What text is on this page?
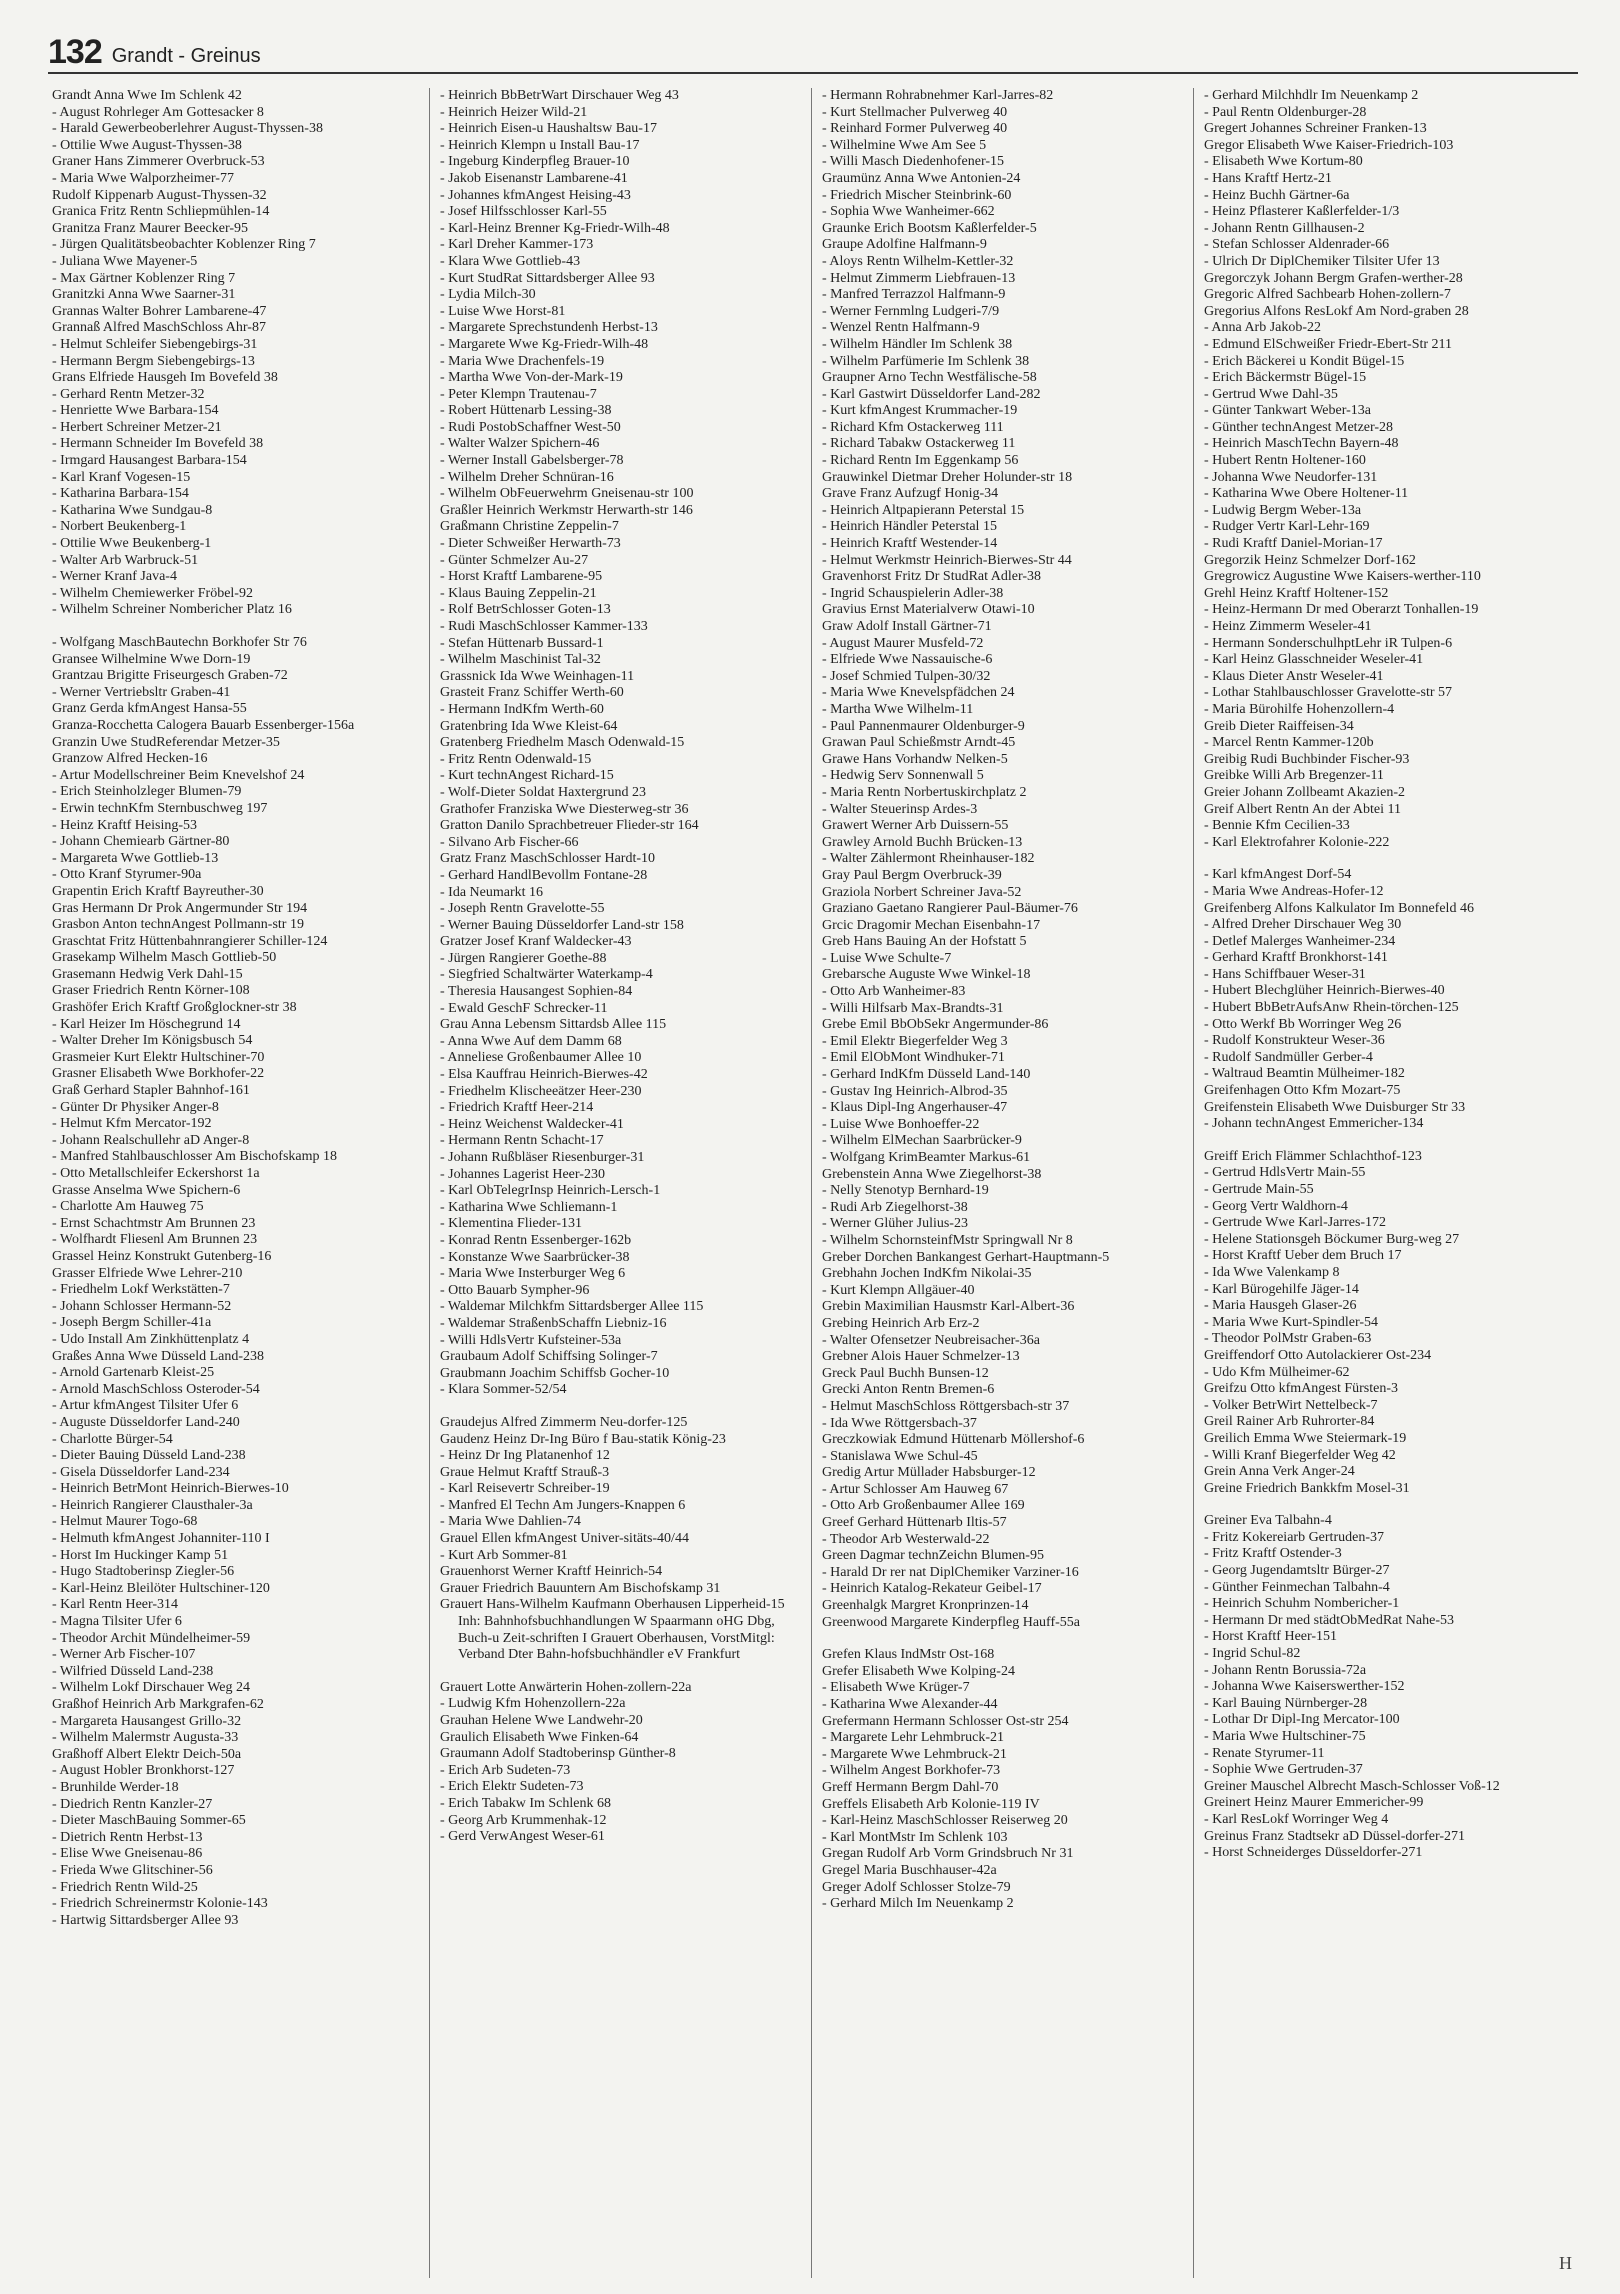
132 Grandt - Greinus
Grandt Anna Wwe Im Schlenk 42
- August Rohrleger Am Gottesacker 8
- Harald Gewerbeoberlehrer August-Thyssen-38
- Ottilie Wwe August-Thyssen-38
Graner Hans Zimmerer Overbruck-53
- Maria Wwe Walporzheimer-77
Rudolf Kippenarb August-Thyssen-32
Granica Fritz Rentn Schliepmühlen-14
Granitza Franz Maurer Beecker-95
- Jürgen Qualitätsbeobachter Koblenzer Ring 7
- Juliana Wwe Mayener-5
- Max Gärtner Koblenzer Ring 7
Granitzki Anna Wwe Saarner-31
Grannas Walter Bohrer Lambarene-47
Grannaß Alfred MaschSchloss Ahr-87
- Helmut Schleifer Siebengebirgs-31
- Hermann Bergm Siebengebirgs-13
Grans Elfriede Hausgeh Im Bovefeld 38
- Gerhard Rentn Metzer-32
- Henriette Wwe Barbara-154
- Herbert Schreiner Metzer-21
- Hermann Schneider Im Bovefeld 38
- Irmgard Hausangest Barbara-154
- Karl Kranf Vogesen-15
- Katharina Barbara-154
- Katharina Wwe Sundgau-8
- Norbert Beukenberg-1
- Ottilie Wwe Beukenberg-1
- Walter Arb Warbruck-51
- Werner Kranf Java-4
- Wilhelm Chemiewerker Fröbel-92
- Wilhelm Schreiner Nombericher Platz 16
- Wolfgang MaschBautechn Borkhofer Str 76
Gransee Wilhelmine Wwe Dorn-19
Grantzau Brigitte Friseurgesch Graben-72
- Werner Vertriebsltr Graben-41
Granz Gerda kfmAngest Hansa-55
Granza-Rocchetta Calogera Bauarb Essenberger-156a
Granzin Uwe StudReferendar Metzer-35
Granzow Alfred Hecken-16
- Artur Modellschreiner Beim Knevelshof 24
- Erich Steinholzleger Blumen-79
- Erwin technKfm Sternbuschweg 197
- Heinz Kraftf Heising-53
- Johann Chemiearb Gärtner-80
- Margareta Wwe Gottlieb-13
- Otto Kranf Styrumer-90a
Grapentin Erich Kraftf Bayreuther-30
Gras Hermann Dr Prok Angermunder Str 194
Grasbon Anton technAngest Pollmann-str 19
Graschtat Fritz Hüttenbahnrangierer Schiller-124
Grasekamp Wilhelm Masch Gottlieb-50
Grasemann Hedwig Verk Dahl-15
Graser Friedrich Rentn Körner-108
Grashöfer Erich Kraftf Großglockner-str 38
- Karl Heizer Im Höschegrund 14
- Walter Dreher Im Königsbusch 54
Grasmeier Kurt Elektr Hultschiner-70
Grasner Elisabeth Wwe Borkhofer-22
Graß Gerhard Stapler Bahnhof-161
- Günter Dr Physiker Anger-8
- Helmut Kfm Mercator-192
- Johann Realschullehr aD Anger-8
- Manfred Stahlbauschlosser Am Bischofskamp 18
- Otto Metallschleifer Eckershorst 1a
Grasse Anselma Wwe Spichern-6
- Charlotte Am Hauweg 75
- Ernst Schachtmstr Am Brunnen 23
- Wolfhardt Fliesenl Am Brunnen 23
Grassel Heinz Konstrukt Gutenberg-16
Grasser Elfriede Wwe Lehrer-210
- Friedhelm Lokf Werkstätten-7
- Johann Schlosser Hermann-52
- Joseph Bergm Schiller-41a
- Udo Install Am Zinkhüttenplatz 4
Graßes Anna Wwe Düsseld Land-238
- Arnold Gartenarb Kleist-25
- Arnold MaschSchloss Osteroder-54
- Artur kfmAngest Tilsiter Ufer 6
- Auguste Düsseldorfer Land-240
- Charlotte Bürger-54
- Dieter Bauing Düsseld Land-238
- Gisela Düsseldorfer Land-234
- Heinrich BetrMont Heinrich-Bierwes-10
- Heinrich Rangierer Clausthaler-3a
- Helmut Maurer Togo-68
- Helmuth kfmAngest Johanniter-110 I
- Horst Im Huckinger Kamp 51
- Hugo Stadtoberinsp Ziegler-56
- Karl-Heinz Bleilöter Hultschiner-120
- Karl Rentn Heer-314
- Magna Tilsiter Ufer 6
- Theodor Archit Mündelheimer-59
- Werner Arb Fischer-107
- Wilfried Düsseld Land-238
- Wilhelm Lokf Dirschauer Weg 24
Graßhof Heinrich Arb Markgrafen-62
- Margareta Hausangest Grillo-32
- Wilhelm Malermstr Augusta-33
Graßhoff Albert Elektr Deich-50a
- August Hobler Bronkhorst-127
- Brunhilde Werder-18
- Diedrich Rentn Kanzler-27
- Dieter MaschBauing Sommer-65
- Dietrich Rentn Herbst-13
- Elise Wwe Gneisenau-86
- Frieda Wwe Glitschiner-56
- Friedrich Rentn Wild-25
- Friedrich Schreinermstr Kolonie-143
- Hartwig Sittardsberger Allee 93
- Heinrich BbBetrWart Dirschauer Weg 43
- Heinrich Heizer Wild-21
- Heinrich Eisen-u Haushaltsw Bau-17
- Heinrich Klempn u Install Bau-17
- Ingeburg Kinderpfleg Brauer-10
- Jakob Eisenanstr Lambarene-41
- Johannes kfmAngest Heising-43
- Josef Hilfsschlosser Karl-55
- Karl-Heinz Brenner Kg-Friedr-Wilh-48
- Karl Dreher Kammer-173
- Klara Wwe Gottlieb-43
- Kurt StudRat Sittardsberger Allee 93
- Lydia Milch-30
- Luise Wwe Horst-81
- Margarete Sprechstundenh Herbst-13
- Margarete Wwe Kg-Friedr-Wilh-48
- Maria Wwe Drachenfels-19
- Martha Wwe Von-der-Mark-19
- Peter Klempn Trautenau-7
- Robert Hüttenarb Lessing-38
- Rudi PostobSchaffner West-50
- Walter Walzer Spichern-46
- Werner Install Gabelsberger-78
- Wilhelm Dreher Schnüran-16
- Wilhelm ObFeuerwehrm Gneisenau-str 100
Graßler Heinrich Werkmstr Herwarth-str 146
Graßmann Christine Zeppelin-7
- Dieter Schweißer Herwarth-73
- Günter Schmelzer Au-27
- Horst Kraftf Lambarene-95
- Klaus Bauing Zeppelin-21
- Rolf BetrSchlosser Goten-13
- Rudi MaschSchlosser Kammer-133
- Stefan Hüttenarb Bussard-1
- Wilhelm Maschinist Tal-32
Grassnick Ida Wwe Weinhagen-11
Grasteit Franz Schiffer Werth-60
- Hermann IndKfm Werth-60
Gratenbring Ida Wwe Kleist-64
Gratenberg Friedhelm Masch Odenwald-15
- Fritz Rentn Odenwald-15
- Kurt technAngest Richard-15
- Wolf-Dieter Soldat Haxtergrund 23
Grathofer Franziska Wwe Diesterweg-str 36
Gratton Danilo Sprachbetreuer Flieder-str 164
- Silvano Arb Fischer-66
Gratz Franz MaschSchlosser Hardt-10
- Gerhard HandlBevollm Fontane-28
- Ida Neumarkt 16
- Joseph Rentn Gravelotte-55
- Werner Bauing Düsseldorfer Land-str 158
Gratzer Josef Kranf Waldecker-43
- Jürgen Rangierer Goethe-88
- Siegfried Schaltwärter Waterkamp-4
- Theresia Hausangest Sophien-84
- Ewald GeschF Schrecker-11
Grau Anna Lebensm Sittardsb Allee 115
- Anna Wwe Auf dem Damm 68
- Anneliese Großenbaumer Allee 10
- Elsa Kauffrau Heinrich-Bierwes-42
- Friedhelm Klischeeätzer Heer-230
- Friedrich Kraftf Heer-214
- Heinz Weichenst Waldecker-41
- Hermann Rentn Schacht-17
- Johann Rußbläser Riesenburger-31
- Johannes Lagerist Heer-230
- Karl ObTelegrInsp Heinrich-Lersch-1
- Katharina Wwe Schliemann-1
- Klementina Flieder-131
- Konrad Rentn Essenberger-162b
- Konstanze Wwe Saarbrücker-38
- Maria Wwe Insterburger Weg 6
- Otto Bauarb Sympher-96
- Waldemar Milchkfm Sittardsberger Allee 115
- Waldemar StraßenbSchaffn Liebniz-16
- Willi HdlsVertr Kufsteiner-53a
Graubaum Adolf Schiffsing Solinger-7
Graubmann Joachim Schiffsb Gocher-10
- Klara Sommer-52/54
Graudejus Alfred Zimmerm Neu-dorfer-125
Gaudenz Heinz Dr-Ing Büro f Bau-statik König-23
- Heinz Dr Ing Platanenhof 12
Graue Helmut Kraftf Strauß-3
- Karl Reisevertr Schreiber-19
- Manfred El Techn Am Jungers-Knappen 6
- Maria Wwe Dahlien-74
Grauel Ellen kfmAngest Univer-sitäts-40/44
- Kurt Arb Sommer-81
Grauenhorst Werner Kraftf Heinrich-54
Grauer Friedrich Bauuntern Am Bischofskamp 31
Grauert Hans-Wilhelm Kaufmann Oberhausen Lipperheid-15 Inh: Bahnhofsbuchhandlungen W Spaarmann oHG Dbg, Buch-u Zeit-schriften I Grauert Oberhausen, VorstMitgl: Verband Dter Bahn-hofsbuchhändler eV Frankfurt
Grauert Lotte Anwärterin Hohen-zollern-22a
- Ludwig Kfm Hohenzollern-22a
Grauhan Helene Wwe Landwehr-20
Graulich Elisabeth Wwe Finken-64
Graumann Adolf Stadtoberinsp Günther-8
- Erich Arb Sudeten-73
- Erich Elektr Sudeten-73
- Erich Tabakw Im Schlenk 68
- Georg Arb Krummenhak-12
- Gerd VerwAngest Weser-61
- Hermann Rohrabnehmer Karl-Jarres-82
- Kurt Stellmacher Pulverweg 40
- Reinhard Former Pulverweg 40
- Wilhelmine Wwe Am See 5
- Willi Masch Diedenhofener-15
Graumünz Anna Wwe Antonien-24
- Friedrich Mischer Steinbrink-60
- Sophia Wwe Wanheimer-662
Graunke Erich Bootsm Kaßlerfelder-5
Graupe Adolfine Halfmann-9
- Aloys Rentn Wilhelm-Kettler-32
- Helmut Zimmerm Liebfrauen-13
- Manfred Terrazzol Halfmann-9
- Werner Fernmlng Ludgeri-7/9
- Wenzel Rentn Halfmann-9
- Wilhelm Händler Im Schlenk 38
- Wilhelm Parfümerie Im Schlenk 38
Graupner Arno Techn Westfälische-58
- Karl Gastwirt Düsseldorfer Land-282
- Kurt kfmAngest Krummacher-19
- Richard Kfm Ostackerweg 111
- Richard Tabakw Ostackerweg 11
- Richard Rentn Im Eggenkamp 56
Grauwinkel Dietmar Dreher Holunder-str 18
Grave Franz Aufzugf Honig-34
- Heinrich Altpapierann Peterstal 15
- Heinrich Händler Peterstal 15
- Heinrich Kraftf Westender-14
- Helmut Werkmstr Heinrich-Bierwes-Str 44
Gravenhorst Fritz Dr StudRat Adler-38
- Ingrid Schauspielerin Adler-38
Gravius Ernst Materialverw Otawi-10
Graw Adolf Install Gärtner-71
- August Maurer Musfeld-72
- Elfriede Wwe Nassauische-6
- Josef Schmied Tulpen-30/32
- Maria Wwe Knevelspfädchen 24
- Martha Wwe Wilhelm-11
- Paul Pannenmaurer Oldenburger-9
Grawan Paul Schießmstr Arndt-45
Grawe Hans Vorhandw Nelken-5
- Hedwig Serv Sonnenwall 5
- Maria Rentn Norbertuskirchplatz 2
- Walter Steuerinsp Ardes-3
Grawert Werner Arb Duissern-55
Grawley Arnold Buchh Brücken-13
- Walter Zählermont Rheinhauser-182
Gray Paul Bergm Overbruck-39
Graziola Norbert Schreiner Java-52
Graziano Gaetano Rangierer Paul-Bäumer-76
Grcic Dragomir Mechan Eisenbahn-17
Greb Hans Bauing An der Hofstatt 5
- Luise Wwe Schulte-7
Grebarsche Auguste Wwe Winkel-18
- Otto Arb Wanheimer-83
- Willi Hilfsarb Max-Brandts-31
Grebe Emil BbObSekr Angermunder-86
- Emil Elektr Biegerfelder Weg 3
- Emil ElObMont Windhuker-71
- Gerhard IndKfm Düsseld Land-140
- Gustav Ing Heinrich-Albrod-35
- Klaus Dipl-Ing Angerhauser-47
- Luise Wwe Bonhoeffer-22
- Wilhelm ElMechan Saarbrücker-9
- Wolfgang KrimBeamter Markus-61
Grebenstein Anna Wwe Ziegelhorst-38
- Nelly Stenotyp Bernhard-19
- Rudi Arb Ziegelhorst-38
- Werner Glüher Julius-23
- Wilhelm SchornsteinfMstr Springwall Nr 8
Greber Dorchen Bankangest Gerhart-Hauptmann-5
Grebhahn Jochen IndKfm Nikolai-35
- Kurt Klempn Allgäuer-40
Grebin Maximilian Hausmstr Karl-Albert-36
Grebing Heinrich Arb Erz-2
- Walter Ofensetzer Neubreisacher-36a
Grebner Alois Hauer Schmelzer-13
Greck Paul Buchh Bunsen-12
Grecki Anton Rentn Bremen-6
- Helmut MaschSchloss Röttgersbach-str 37
- Ida Wwe Röttgersbach-37
Greczkowiak Edmund Hüttenarb Möllershof-6
- Stanislawa Wwe Schul-45
Gredig Artur Müllader Habsburger-12
- Artur Schlosser Am Hauweg 67
- Otto Arb Großenbaumer Allee 169
Greef Gerhard Hüttenarb Iltis-57
- Theodor Arb Westerwald-22
Green Dagmar technZeichn Blumen-95
- Harald Dr rer nat DiplChemiker Varziner-16
- Heinrich Katalog-Rekateur Geibel-17
Greenhalgk Margret Kronprinzen-14
Greenwood Margarete Kinderpfleg Hauff-55a
Grefen Klaus IndMstr Ost-168
Grefer Elisabeth Wwe Kolping-24
- Elisabeth Wwe Krüger-7
- Katharina Wwe Alexander-44
Grefermann Hermann Schlosser Ost-str 254
- Margarete Lehr Lehmbruck-21
- Margarete Wwe Lehmbruck-21
- Wilhelm Angest Borkhofer-73
Greff Hermann Bergm Dahl-70
Greffels Elisabeth Arb Kolonie-119 IV
- Karl-Heinz MaschSchlosser Reiserweg 20
- Karl MontMstr Im Schlenk 103
Gregan Rudolf Arb Vorm Grindsbruch Nr 31
Gregel Maria Buschhauser-42a
Greger Adolf Schlosser Stolze-79
- Gerhard Milch Im Neuenkamp 2
- Gerhard Milchhdlr Im Neuenkamp 2
- Paul Rentn Oldenburger-28
Gregert Johannes Schreiner Franken-13
Gregor Elisabeth Wwe Kaiser-Friedrich-103
- Elisabeth Wwe Kortum-80
- Hans Kraftf Hertz-21
- Heinz Buchh Gärtner-6a
- Heinz Pflasterer Kaßlerfelder-1/3
- Johann Rentn Gillhausen-2
- Stefan Schlosser Aldenrader-66
- Ulrich Dr DiplChemiker Tilsiter Ufer 13
Gregorczyk Johann Bergm Grafen-werther-28
Gregoric Alfred Sachbearb Hohen-zollern-7
Gregorius Alfons ResLokf Am Nord-graben 28
- Anna Arb Jakob-22
- Edmund ElSchweißer Friedr-Ebert-Str 211
- Erich Bäckerei u Kondit Bügel-15
- Erich Bäckermstr Bügel-15
- Gertrud Wwe Dahl-35
- Günter Tankwart Weber-13a
- Günther technAngest Metzer-28
- Heinrich MaschTechn Bayern-48
- Hubert Rentn Holtener-160
- Johanna Wwe Neudorfer-131
- Katharina Wwe Obere Holtener-11
- Ludwig Bergm Weber-13a
- Rudger Vertr Karl-Lehr-169
- Rudi Kraftf Daniel-Morian-17
Gregorzik Heinz Schmelzer Dorf-162
Gregrowicz Augustine Wwe Kaisers-werther-110
Grehl Heinz Kraftf Holtener-152
- Heinz-Hermann Dr med Oberarzt Tonhallen-19
- Heinz Zimmerm Weseler-41
- Hermann SonderschulhptLehr iR Tulpen-6
- Karl Heinz Glasschneider Weseler-41
- Klaus Dieter Anstr Weseler-41
- Lothar Stahlbauschlosser Gravelotte-str 57
- Maria Bürohilfe Hohenzollern-4
Greib Dieter Raiffeisen-34
- Marcel Rentn Kammer-120b
Greibig Rudi Buchbinder Fischer-93
Greibke Willi Arb Bregenzer-11
Greier Johann Zollbeamt Akazien-2
Greif Albert Rentn An der Abtei 11
- Bennie Kfm Cecilien-33
- Karl Elektrofahrer Kolonie-222
- Karl kfmAngest Dorf-54
- Maria Wwe Andreas-Hofer-12
Greifenberg Alfons Kalkulator Im Bonnefeld 46
- Alfred Dreher Dirschauer Weg 30
- Detlef Malerges Wanheimer-234
- Gerhard Kraftf Bronkhorst-141
- Hans Schiffbauer Weser-31
- Hubert Blechglüher Heinrich-Bierwes-40
- Hubert BbBetrAufsAnw Rhein-törchen-125
- Otto Werkf Bb Worringer Weg 26
- Rudolf Konstrukteur Weser-36
- Rudolf Sandmüller Gerber-4
- Waltraud Beamtin Mülheimer-182
Greifenhagen Otto Kfm Mozart-75
Greifenstein Elisabeth Wwe Duisburger Str 33
- Johann technAngest Emmericher-134
Greiff Erich Flämmer Schlachthof-123
- Gertrud HdlsVertr Main-55
- Gertrude Main-55
- Georg Vertr Waldhorn-4
- Gertrude Wwe Karl-Jarres-172
- Helene Stationsgeh Böckumer Burg-weg 27
- Horst Kraftf Ueber dem Bruch 17
- Ida Wwe Valenkamp 8
- Karl Bürogehilfe Jäger-14
- Maria Hausgeh Glaser-26
- Maria Wwe Kurt-Spindler-54
- Theodor PolMstr Graben-63
Greiffendorf Otto Autolackierer Ost-234
- Udo Kfm Mülheimer-62
Greifzu Otto kfmAngest Fürsten-3
- Volker BetrWirt Nettelbeck-7
Greil Rainer Arb Ruhrorter-84
Greilich Emma Wwe Steiermark-19
- Willi Kranf Biegerfelder Weg 42
Grein Anna Verk Anger-24
Greine Friedrich Bankkfm Mosel-31
Greiner Eva Talbahn-4
- Fritz Kokereiarb Gertruden-37
- Fritz Kraftf Ostender-3
- Georg Jugendamtsltr Bürger-27
- Günther Feinmechan Talbahn-4
- Heinrich Schuhm Nombericher-1
- Hermann Dr med städtObMedRat Nahe-53
- Horst Kraftf Heer-151
- Ingrid Schul-82
- Johann Rentn Borussia-72a
- Johanna Wwe Kaiserswerther-152
- Karl Bauing Nürnberger-28
- Lothar Dr Dipl-Ing Mercator-100
- Maria Wwe Hultschiner-75
- Renate Styrumer-11
- Sophie Wwe Gertruden-37
Greiner Mauschel Albrecht Masch-Schlosser Voß-12
Greinert Heinz Maurer Emmericher-99
- Karl ResLokf Worringer Weg 4
Greinus Franz Stadtsekr aD Düssel-dorfer-271
- Horst Schneiderges Düsseldorfer-271
H
